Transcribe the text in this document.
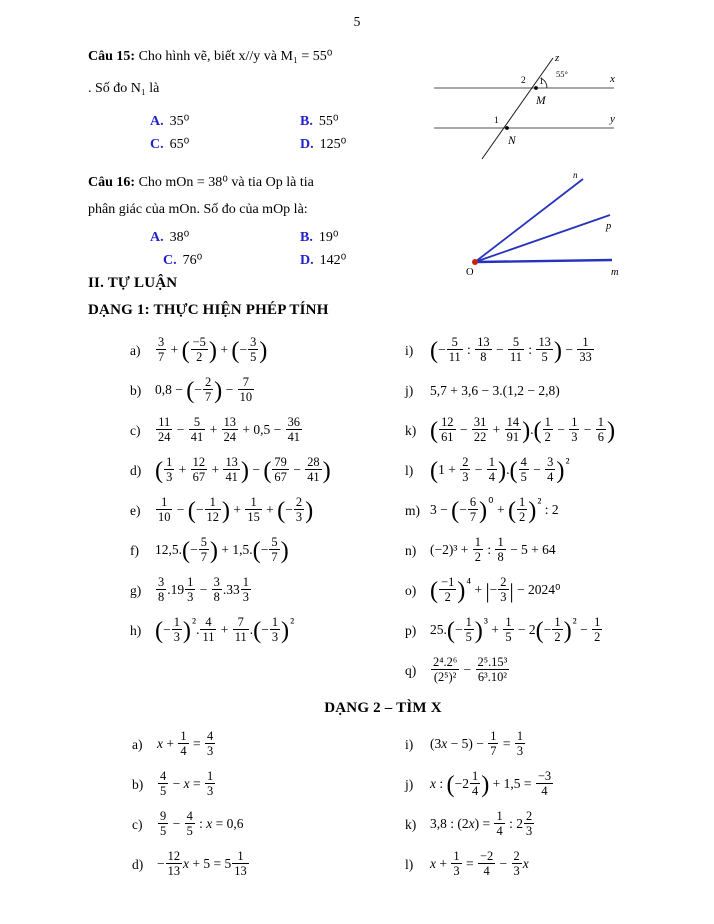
5
Câu 15: Cho hình vẽ, biết x//y và M₁ = 55⁰
. Số đo N₁ là
A. 35⁰	B. 55⁰
C. 65⁰	D. 125⁰
z
55°
2 1
M
1
N
x
y
Câu 16: Cho mOn = 38⁰ và tia Op là tia
phân giác của mOn. Số đo của mOp là:
A. 38⁰	B. 19⁰
C. 76⁰	D. 142⁰
n
p
m
O
II. TỰ LUẬN
DẠNG 1: THỰC HIỆN PHÉP TÍNH
a)	$\frac{3}{7}$ + ( $\frac{-5}{2}$ ) + (− $\frac{3}{5}$ )
b)	0,8 − (− $\frac{2}{7}$ ) − $\frac{7}{10}$
c)	$\frac{11}{24} - \frac{5}{41} + \frac{13}{24} + 0,5 - \frac{36}{41}$
d) ( $\frac{1}{3} + \frac{12}{67} + \frac{13}{41}$ ) − ( $\frac{79}{67} - \frac{28}{41}$ )
e)	$\frac{1}{10}$ − (− $\frac{1}{12}$ ) + $\frac{1}{15}$ + (− $\frac{2}{3}$ )
f)	$12,5.(- \frac{5}{7}$ ) + $1,5.(- \frac{5}{7}$ )
g)	$\frac{3}{8} .19 \frac{1}{3} - \frac{3}{8} .33 \frac{1}{3}$
h) (− $\frac{1}{3} )^2$. $\frac{4}{11} + \frac{7}{11}$ .(− $\frac{1}{3} )^2$
i) (− $\frac{5}{11}$ : $\frac{13}{8} - \frac{5}{11}$ : $\frac{13}{5}$ ) − $\frac{1}{33}$
j)	5,7 + 3,6 − 3.(1,2 − 2,8)
k) ( $\frac{12}{61} - \frac{31}{22} + \frac{14}{91}$ ).( $\frac{1}{2} - \frac{1}{3} - \frac{1}{6}$ )
l) ($1 + \frac{2}{3} - \frac{1}{4}$ ).( $\frac{4}{5} - \frac{3}{4} )^2$
m) 3 − (− $\frac{6}{7} )^0$ + ( $\frac{1}{2} )^2$ : 2
n)	$(-2)^3 + \frac{1}{2}$ : $\frac{1}{8} - 5 + 64$
o) ( $\frac{-1}{2} )^4$ + |− $\frac{2}{3}$ | − 2024⁰
p)	$25.(- \frac{1}{5} )^3 + \frac{1}{5} - 2(- \frac{1}{2} )^2 - \frac{1}{2}$
q)	$\frac{\text{2⁴.2⁶}}{\text{(2⁵)²}} - \frac{\text{2⁵.15³}}{\text{6³.10²}}$
DẠNG 2 – TÌM X
a)	$x + \frac{1}{4} = \frac{4}{3}$
b)	$\frac{4}{5} - x = \frac{1}{3}$
c)	$\frac{9}{5} - \frac{4}{5}$ : x = 0,6
d)	− $\frac{12}{13}$ $x + 5 = 5 \frac{1}{13}$
i)	$(3x - 5) - \frac{1}{7} = \frac{1}{3}$
j)	x : ($-2 \frac{1}{4}$ ) + $1,5 = \frac{-3}{4}$
k)	3,8 : $(2x) = \frac{1}{4}$ : $2 \frac{2}{3}$
l)	$x + \frac{1}{3} = \frac{-2}{4} - \frac{2}{3}$ x
